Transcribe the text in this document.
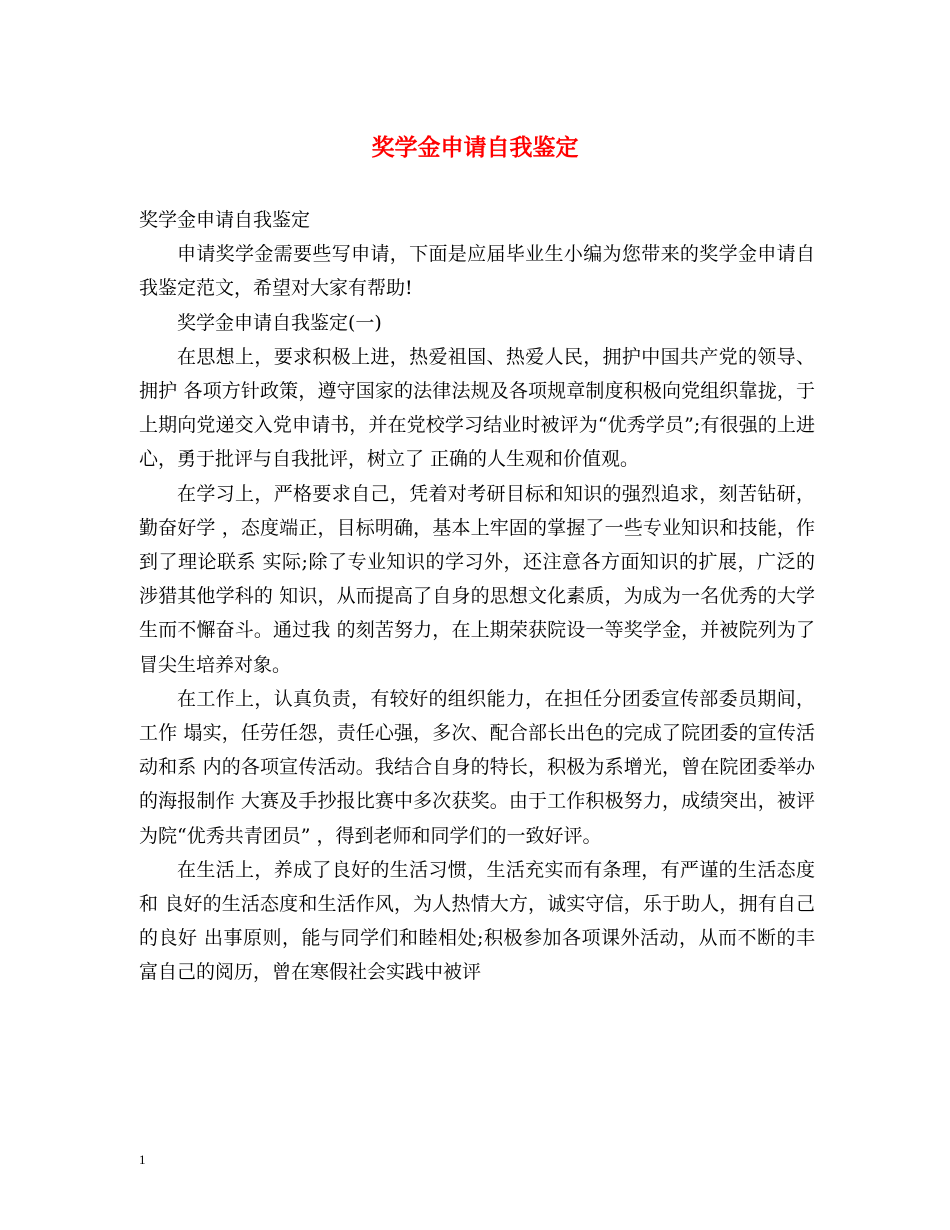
奖学金申请自我鉴定

奖学金申请自我鉴定

申请奖学金需要些写申请，下面是应届毕业生小编为您带来的奖学金申请自我鉴定范文，希望对大家有帮助!

奖学金申请自我鉴定(一)

在思想上，要求积极上进，热爱祖国、热爱人民，拥护中国共产党的领导、拥护 各项方针政策，遵守国家的法律法规及各项规章制度积极向党组织靠拢，于上期向党递交入党申请书，并在党校学习结业时被评为“优秀学员”;有很强的上进心，勇于批评与自我批评，树立了 正确的人生观和价值观。

在学习上，严格要求自己，凭着对考研目标和知识的强烈追求，刻苦钻研，勤奋好学 ，态度端正，目标明确，基本上牢固的掌握了一些专业知识和技能，作到了理论联系 实际;除了专业知识的学习外，还注意各方面知识的扩展，广泛的涉猎其他学科的 知识，从而提高了自身的思想文化素质，为成为一名优秀的大学生而不懈奋斗。通过我 的刻苦努力，在上期荣获院设一等奖学金，并被院列为了冒尖生培养对象。

在工作上，认真负责，有较好的组织能力，在担任分团委宣传部委员期间，工作 塌实，任劳任怨，责任心强，多次、配合部长出色的完成了院团委的宣传活动和系 内的各项宣传活动。我结合自身的特长，积极为系增光，曾在院团委举办的海报制作 大赛及手抄报比赛中多次获奖。由于工作积极努力，成绩突出，被评为院“优秀共青团员” ，得到老师和同学们的一致好评。

在生活上，养成了良好的生活习惯，生活充实而有条理，有严谨的生活态度和 良好的生活态度和生活作风，为人热情大方，诚实守信，乐于助人，拥有自己的良好 出事原则，能与同学们和睦相处;积极参加各项课外活动，从而不断的丰富自己的阅历，曾在寒假社会实践中被评

1
